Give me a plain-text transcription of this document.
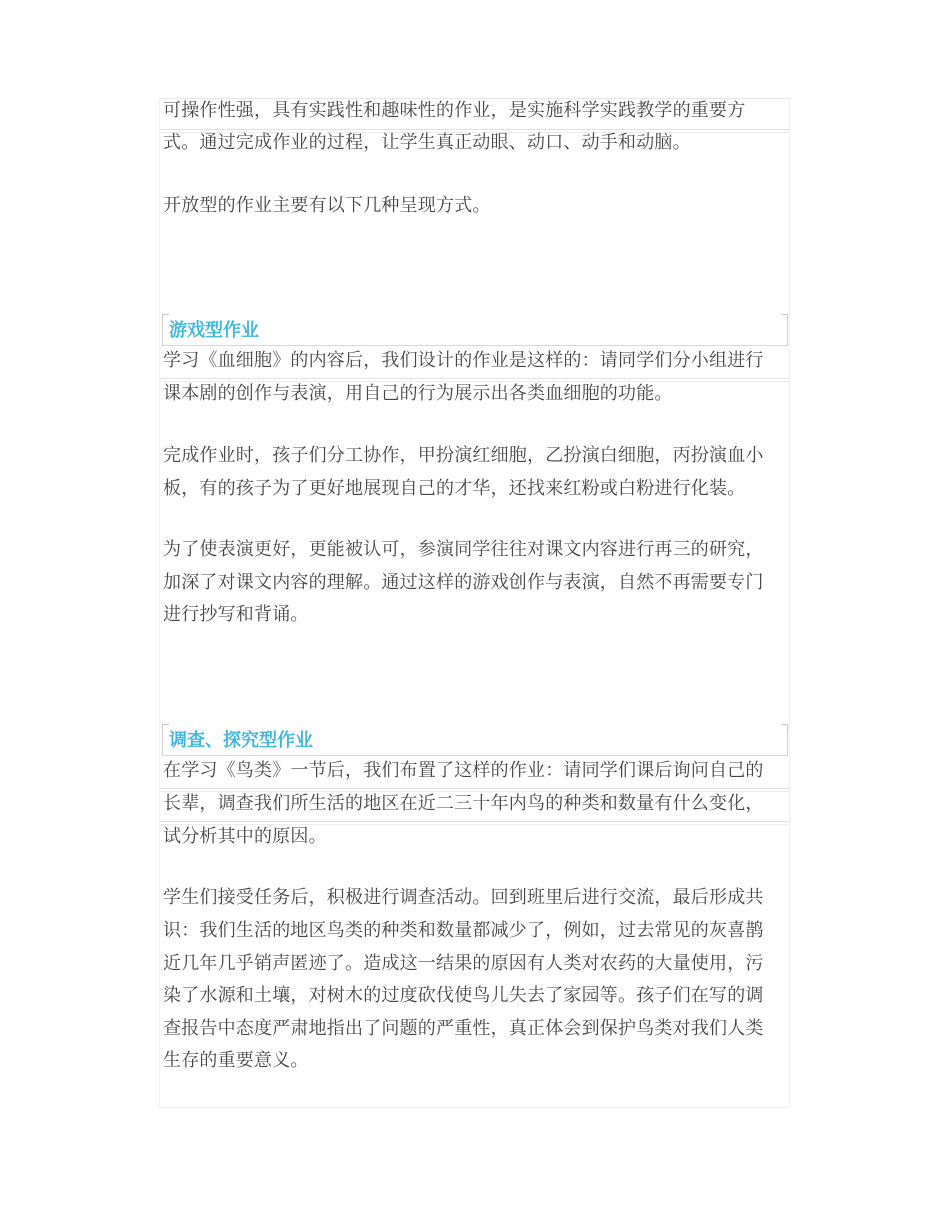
可操作性强，具有实践性和趣味性的作业，是实施科学实践教学的重要方
式。通过完成作业的过程，让学生真正动眼、动口、动手和动脑。
开放型的作业主要有以下几种呈现方式。
游戏型作业
学习《血细胞》的内容后，我们设计的作业是这样的：请同学们分小组进行
课本剧的创作与表演，用自己的行为展示出各类血细胞的功能。
完成作业时，孩子们分工协作，甲扮演红细胞，乙扮演白细胞，丙扮演血小
板，有的孩子为了更好地展现自己的才华，还找来红粉或白粉进行化装。
为了使表演更好，更能被认可，参演同学往往对课文内容进行再三的研究，
加深了对课文内容的理解。通过这样的游戏创作与表演，自然不再需要专门
进行抄写和背诵。
调查、探究型作业
在学习《鸟类》一节后，我们布置了这样的作业：请同学们课后询问自己的
长辈，调查我们所生活的地区在近二三十年内鸟的种类和数量有什么变化，
试分析其中的原因。
学生们接受任务后，积极进行调查活动。回到班里后进行交流，最后形成共
识：我们生活的地区鸟类的种类和数量都减少了，例如，过去常见的灰喜鹊
近几年几乎销声匿迹了。造成这一结果的原因有人类对农药的大量使用，污
染了水源和土壤，对树木的过度砍伐使鸟儿失去了家园等。孩子们在写的调
查报告中态度严肃地指出了问题的严重性，真正体会到保护鸟类对我们人类
生存的重要意义。
